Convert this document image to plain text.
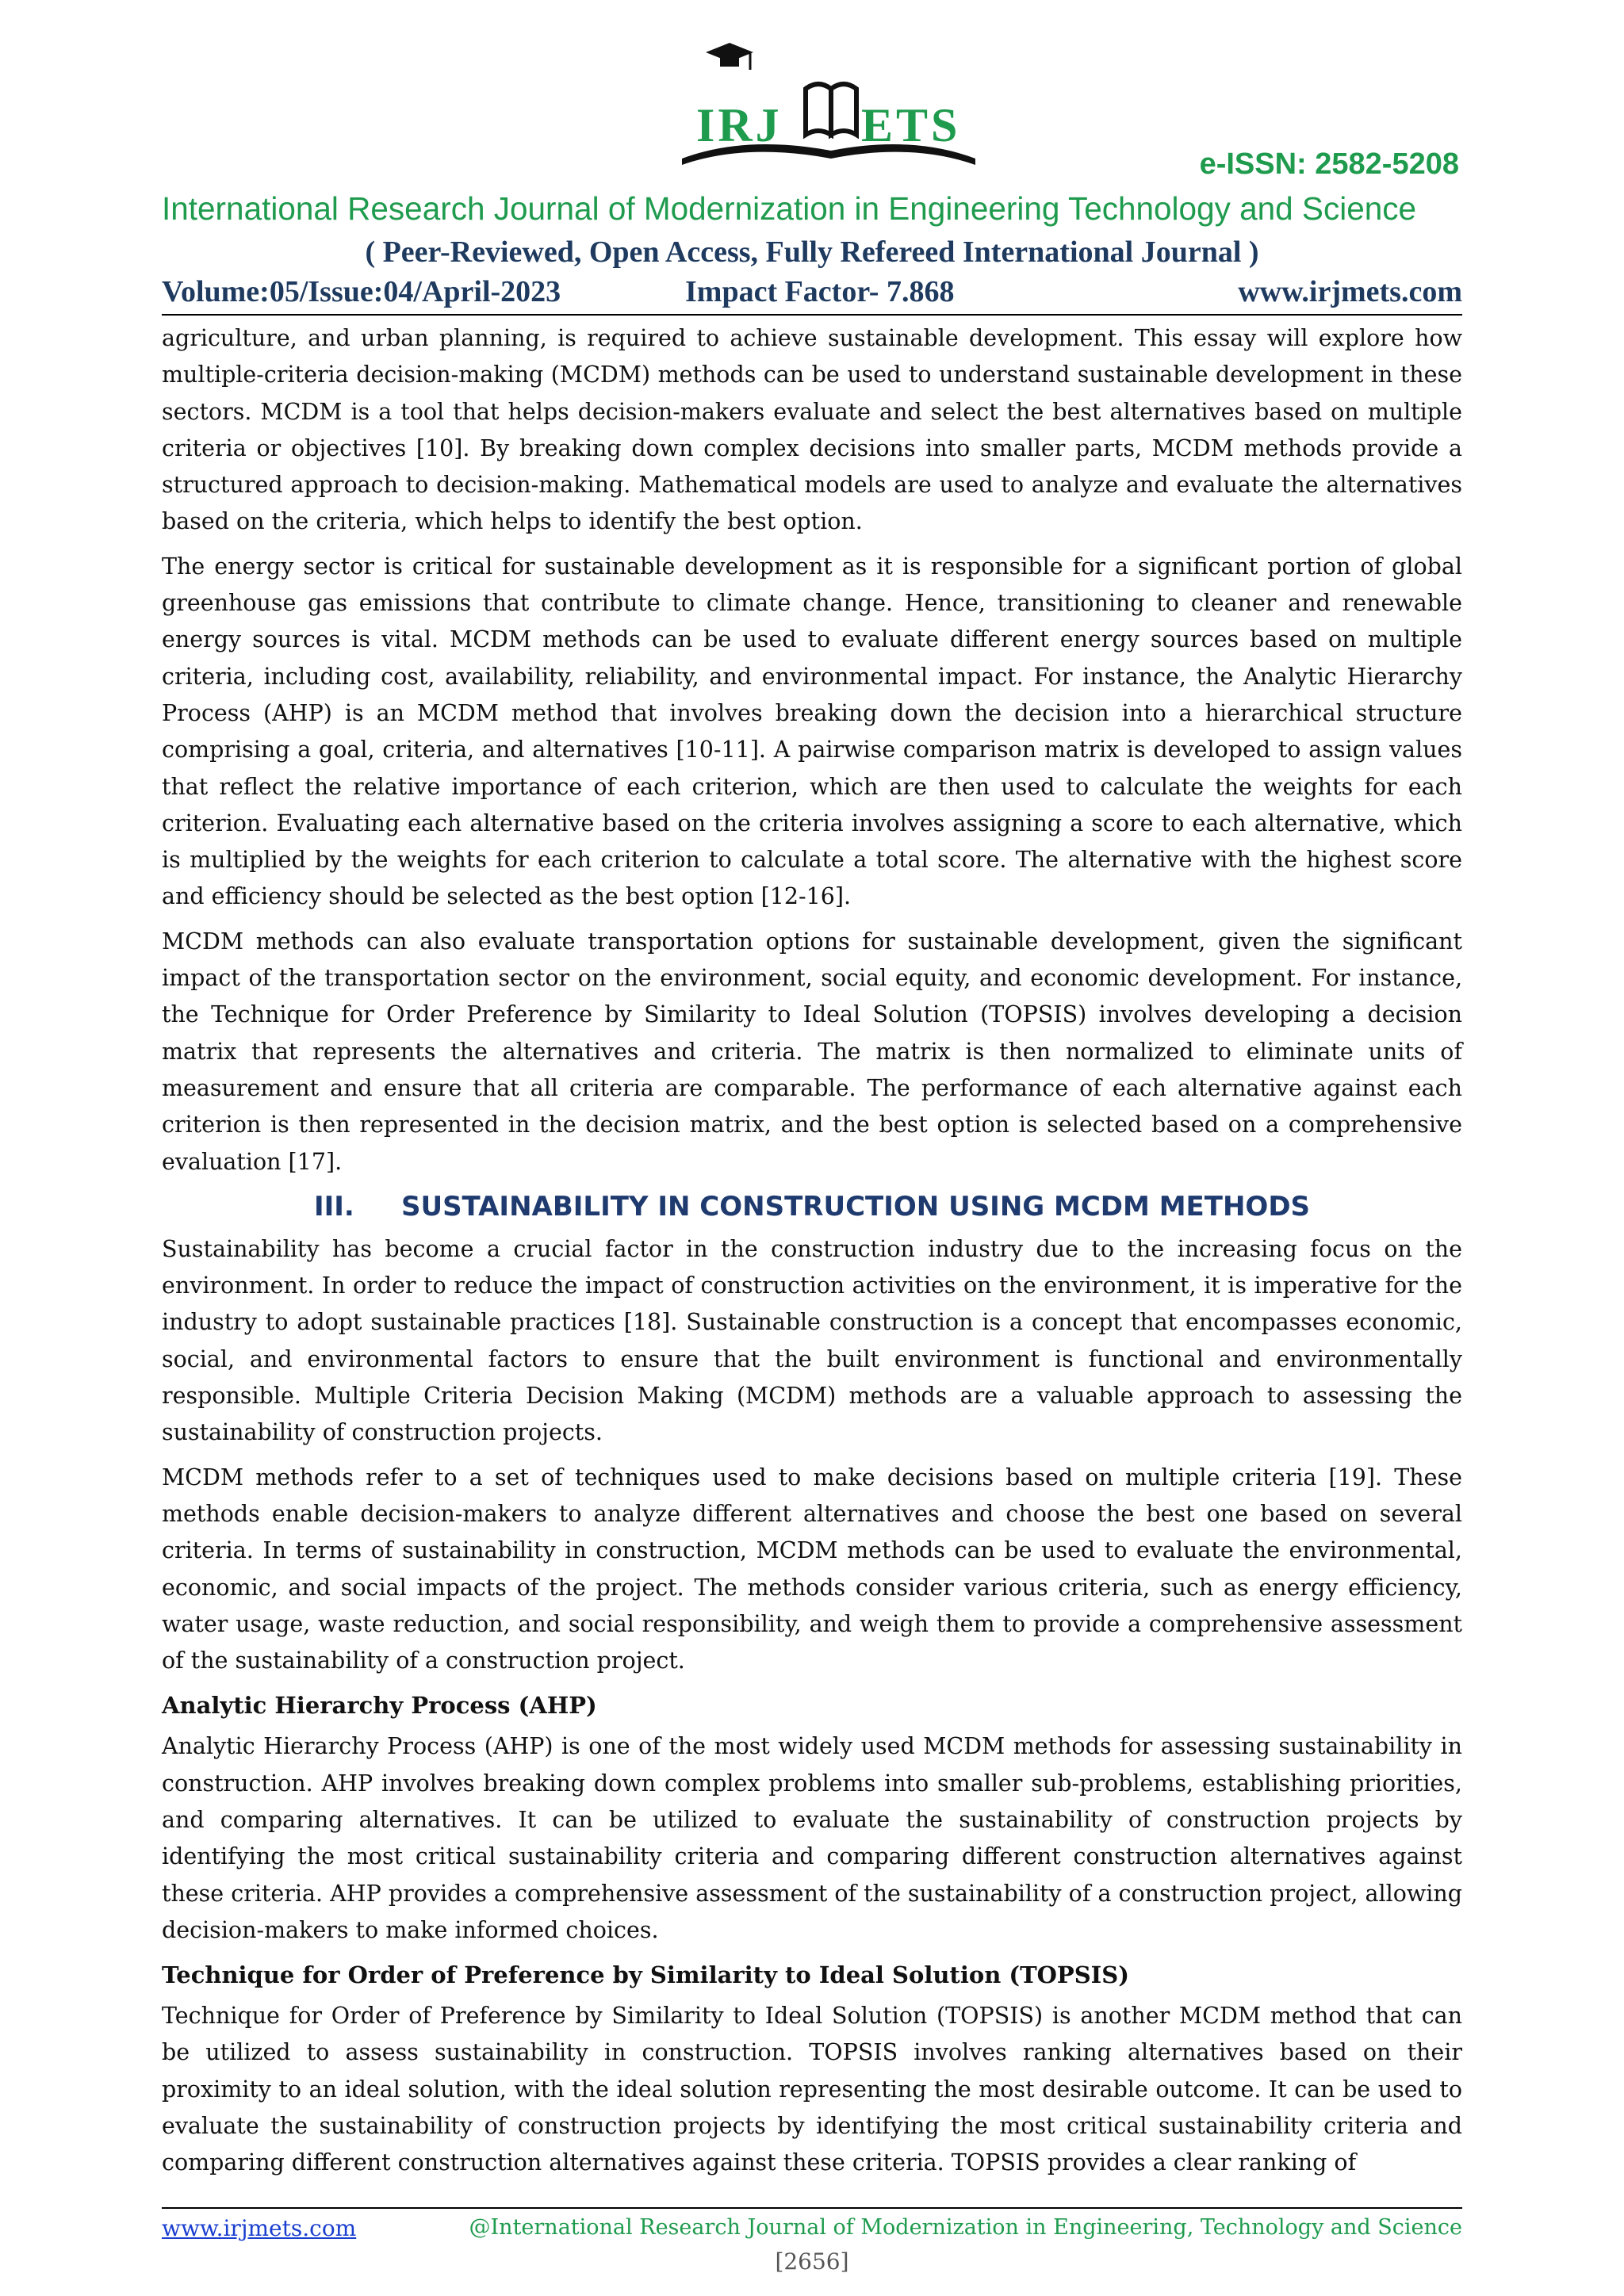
IRJ ETS
e-ISSN: 2582-5208
International Research Journal of Modernization in Engineering Technology and Science
( Peer-Reviewed, Open Access, Fully Refereed International Journal )
Volume:05/Issue:04/April-2023	Impact Factor- 7.868	www.irjmets.com

agriculture, and urban planning, is required to achieve sustainable development. This essay will explore how multiple-criteria decision-making (MCDM) methods can be used to understand sustainable development in these sectors. MCDM is a tool that helps decision-makers evaluate and select the best alternatives based on multiple criteria or objectives [10]. By breaking down complex decisions into smaller parts, MCDM methods provide a structured approach to decision-making. Mathematical models are used to analyze and evaluate the alternatives based on the criteria, which helps to identify the best option.

The energy sector is critical for sustainable development as it is responsible for a significant portion of global greenhouse gas emissions that contribute to climate change. Hence, transitioning to cleaner and renewable energy sources is vital. MCDM methods can be used to evaluate different energy sources based on multiple criteria, including cost, availability, reliability, and environmental impact. For instance, the Analytic Hierarchy Process (AHP) is an MCDM method that involves breaking down the decision into a hierarchical structure comprising a goal, criteria, and alternatives [10-11]. A pairwise comparison matrix is developed to assign values that reflect the relative importance of each criterion, which are then used to calculate the weights for each criterion. Evaluating each alternative based on the criteria involves assigning a score to each alternative, which is multiplied by the weights for each criterion to calculate a total score. The alternative with the highest score and efficiency should be selected as the best option [12-16].

MCDM methods can also evaluate transportation options for sustainable development, given the significant impact of the transportation sector on the environment, social equity, and economic development. For instance, the Technique for Order Preference by Similarity to Ideal Solution (TOPSIS) involves developing a decision matrix that represents the alternatives and criteria. The matrix is then normalized to eliminate units of measurement and ensure that all criteria are comparable. The performance of each alternative against each criterion is then represented in the decision matrix, and the best option is selected based on a comprehensive evaluation [17].

III. SUSTAINABILITY IN CONSTRUCTION USING MCDM METHODS

Sustainability has become a crucial factor in the construction industry due to the increasing focus on the environment. In order to reduce the impact of construction activities on the environment, it is imperative for the industry to adopt sustainable practices [18]. Sustainable construction is a concept that encompasses economic, social, and environmental factors to ensure that the built environment is functional and environmentally responsible. Multiple Criteria Decision Making (MCDM) methods are a valuable approach to assessing the sustainability of construction projects.

MCDM methods refer to a set of techniques used to make decisions based on multiple criteria [19]. These methods enable decision-makers to analyze different alternatives and choose the best one based on several criteria. In terms of sustainability in construction, MCDM methods can be used to evaluate the environmental, economic, and social impacts of the project. The methods consider various criteria, such as energy efficiency, water usage, waste reduction, and social responsibility, and weigh them to provide a comprehensive assessment of the sustainability of a construction project.

Analytic Hierarchy Process (AHP)

Analytic Hierarchy Process (AHP) is one of the most widely used MCDM methods for assessing sustainability in construction. AHP involves breaking down complex problems into smaller sub-problems, establishing priorities, and comparing alternatives. It can be utilized to evaluate the sustainability of construction projects by identifying the most critical sustainability criteria and comparing different construction alternatives against these criteria. AHP provides a comprehensive assessment of the sustainability of a construction project, allowing decision-makers to make informed choices.

Technique for Order of Preference by Similarity to Ideal Solution (TOPSIS)

Technique for Order of Preference by Similarity to Ideal Solution (TOPSIS) is another MCDM method that can be utilized to assess sustainability in construction. TOPSIS involves ranking alternatives based on their proximity to an ideal solution, with the ideal solution representing the most desirable outcome. It can be used to evaluate the sustainability of construction projects by identifying the most critical sustainability criteria and comparing different construction alternatives against these criteria. TOPSIS provides a clear ranking of

www.irjmets.com	@International Research Journal of Modernization in Engineering, Technology and Science
[2656]
